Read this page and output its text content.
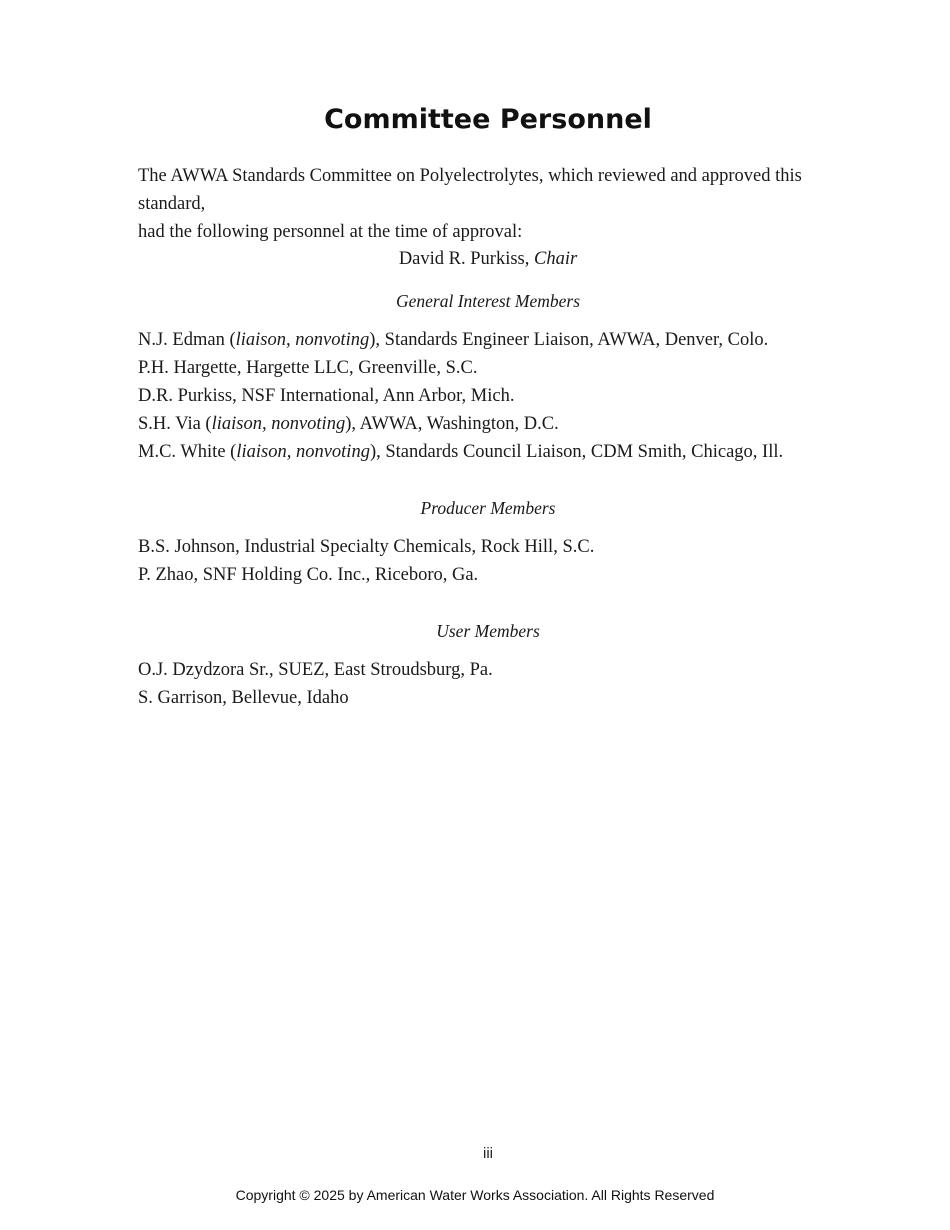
Committee Personnel

The AWWA Standards Committee on Polyelectrolytes, which reviewed and approved this standard,
had the following personnel at the time of approval:

David R. Purkiss, Chair

General Interest Members

N.J. Edman (liaison, nonvoting), Standards Engineer Liaison, AWWA, Denver, Colo.
P.H. Hargette, Hargette LLC, Greenville, S.C.
D.R. Purkiss, NSF International, Ann Arbor, Mich.
S.H. Via (liaison, nonvoting), AWWA, Washington, D.C.
M.C. White (liaison, nonvoting), Standards Council Liaison, CDM Smith, Chicago, Ill.

Producer Members

B.S. Johnson, Industrial Specialty Chemicals, Rock Hill, S.C.
P. Zhao, SNF Holding Co. Inc., Riceboro, Ga.

User Members

O.J. Dzydzora Sr., SUEZ, East Stroudsburg, Pa.
S. Garrison, Bellevue, Idaho
iii
Copyright © 2025 by American Water Works Association. All Rights Reserved
